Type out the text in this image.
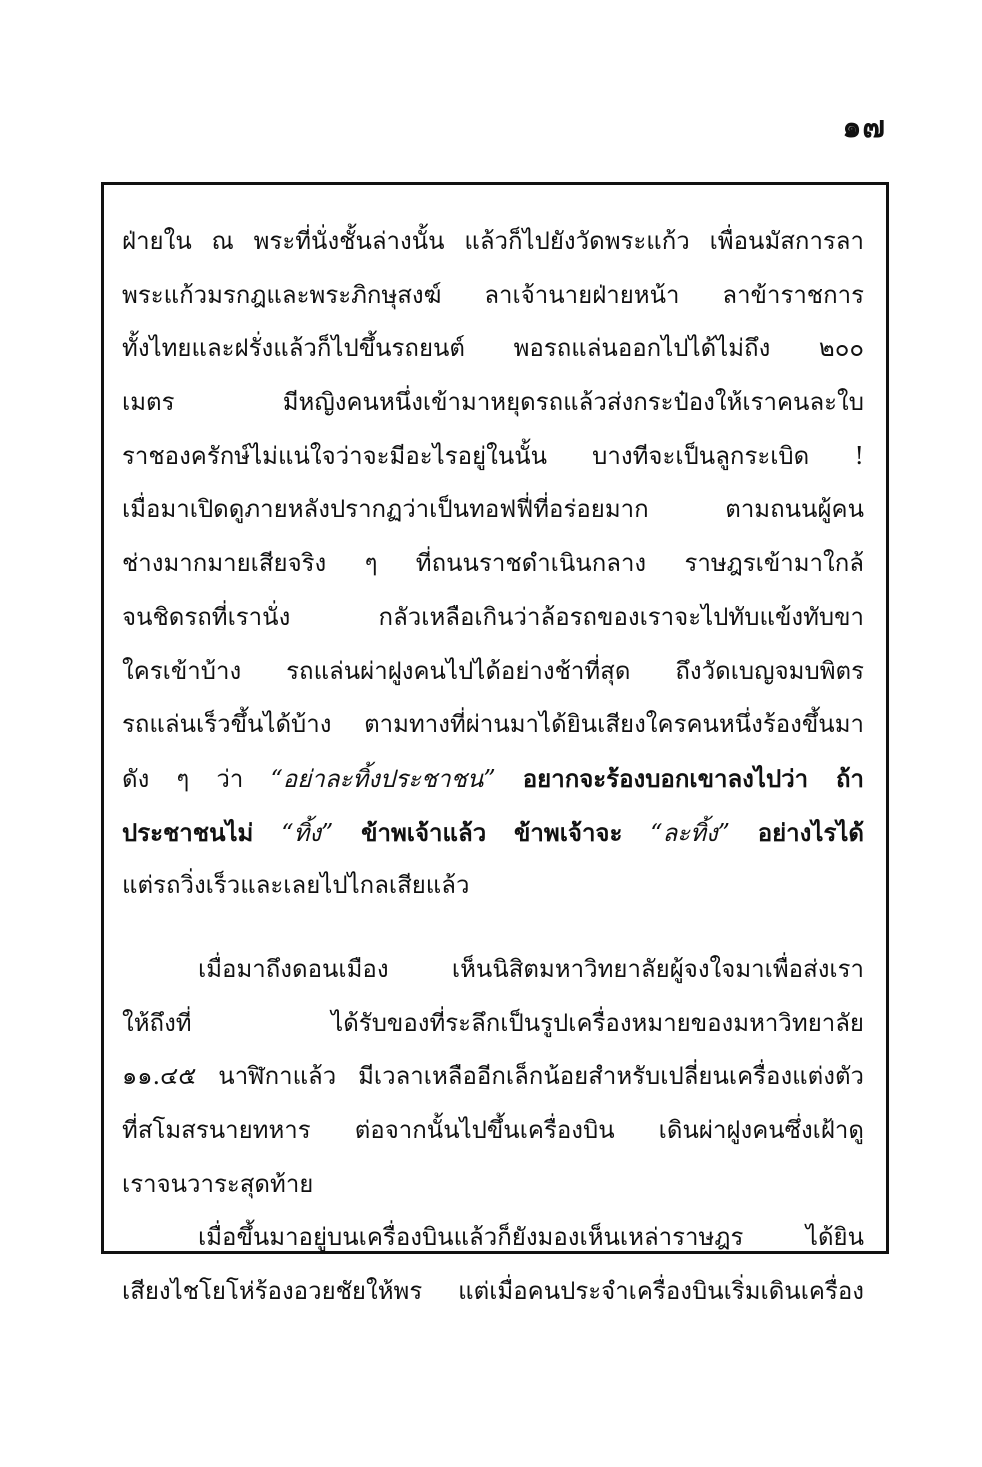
๑๗
ฝ่ายใน ณ พระที่นั่งชั้นล่างนั้น แล้วก็ไปยังวัดพระแก้ว เพื่อนมัสการลา
พระแก้วมรกฎและพระภิกษุสงฆ์ ลาเจ้านายฝ่ายหน้า ลาข้าราชการ
ทั้งไทยและฝรั่งแล้วก็ไปขึ้นรถยนต์ พอรถแล่นออกไปได้ไม่ถึง ๒๐๐
เมตร มีหญิงคนหนึ่งเข้ามาหยุดรถแล้วส่งกระป๋องให้เราคนละใบ
ราชองครักษ์ไม่แน่ใจว่าจะมีอะไรอยู่ในนั้น บางทีจะเป็นลูกระเบิด !
เมื่อมาเปิดดูภายหลังปรากฏว่าเป็นทอฟฟี่ที่อร่อยมาก ตามถนนผู้คน
ช่างมากมายเสียจริง ๆ ที่ถนนราชดำเนินกลาง ราษฎรเข้ามาใกล้
จนชิดรถที่เรานั่ง กลัวเหลือเกินว่าล้อรถของเราจะไปทับแข้งทับขา
ใครเข้าบ้าง รถแล่นผ่าฝูงคนไปได้อย่างช้าที่สุด ถึงวัดเบญจมบพิตร
รถแล่นเร็วขึ้นได้บ้าง ตามทางที่ผ่านมาได้ยินเสียงใครคนหนึ่งร้องขึ้นมา
ดัง ๆ ว่า “อย่าละทิ้งประชาชน” อยากจะร้องบอกเขาลงไปว่า ถ้า
ประชาชนไม่ “ทิ้ง” ข้าพเจ้าแล้ว ข้าพเจ้าจะ “ละทิ้ง” อย่างไรได้
แต่รถวิ่งเร็วและเลยไปไกลเสียแล้ว
เมื่อมาถึงดอนเมือง เห็นนิสิตมหาวิทยาลัยผู้จงใจมาเพื่อส่งเรา
ให้ถึงที่ ได้รับของที่ระลึกเป็นรูปเครื่องหมายของมหาวิทยาลัย
๑๑.๔๕ นาฬิกาแล้ว มีเวลาเหลืออีกเล็กน้อยสำหรับเปลี่ยนเครื่องแต่งตัว
ที่สโมสรนายทหาร ต่อจากนั้นไปขึ้นเครื่องบิน เดินผ่าฝูงคนซึ่งเฝ้าดู
เราจนวาระสุดท้าย
เมื่อขึ้นมาอยู่บนเครื่องบินแล้วก็ยังมองเห็นเหล่าราษฎร ได้ยิน
เสียงไชโยโห่ร้องอวยชัยให้พร แต่เมื่อคนประจำเครื่องบินเริ่มเดินเครื่อง
